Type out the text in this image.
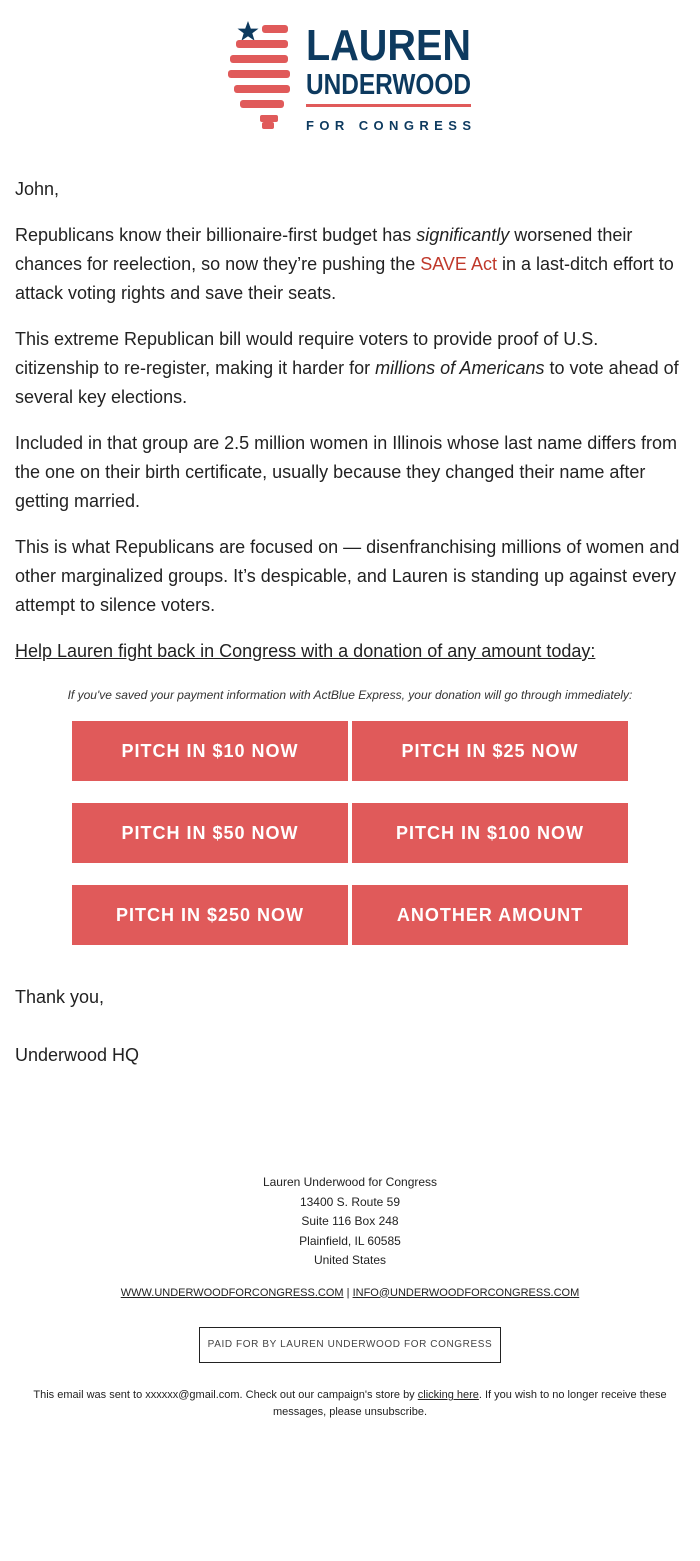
LAUREN
UNDERWOOD
FOR CONGRESS

John,

Republicans know their billionaire-first budget has significantly worsened their chances for reelection, so now they’re pushing the SAVE Act in a last-ditch effort to attack voting rights and save their seats.

This extreme Republican bill would require voters to provide proof of U.S. citizenship to re-register, making it harder for millions of Americans to vote ahead of several key elections.

Included in that group are 2.5 million women in Illinois whose last name differs from the one on their birth certificate, usually because they changed their name after getting married.

This is what Republicans are focused on — disenfranchising millions of women and other marginalized groups. It’s despicable, and Lauren is standing up against every attempt to silence voters.

Help Lauren fight back in Congress with a donation of any amount today:

If you've saved your payment information with ActBlue Express, your donation will go through immediately:
PITCH IN $10 NOW	PITCH IN $25 NOW
PITCH IN $50 NOW	PITCH IN $100 NOW
PITCH IN $250 NOW	ANOTHER AMOUNT
Thank you,
Underwood HQ
Lauren Underwood for Congress
13400 S. Route 59
Suite 116 Box 248
Plainfield, IL 60585
United States
WWW.UNDERWOODFORCONGRESS.COM | INFO@UNDERWOODFORCONGRESS.COM
PAID FOR BY LAUREN UNDERWOOD FOR CONGRESS
This email was sent to xxxxxx@gmail.com. Check out our campaign's store by clicking here. If you wish to no longer receive these messages, please unsubscribe.
